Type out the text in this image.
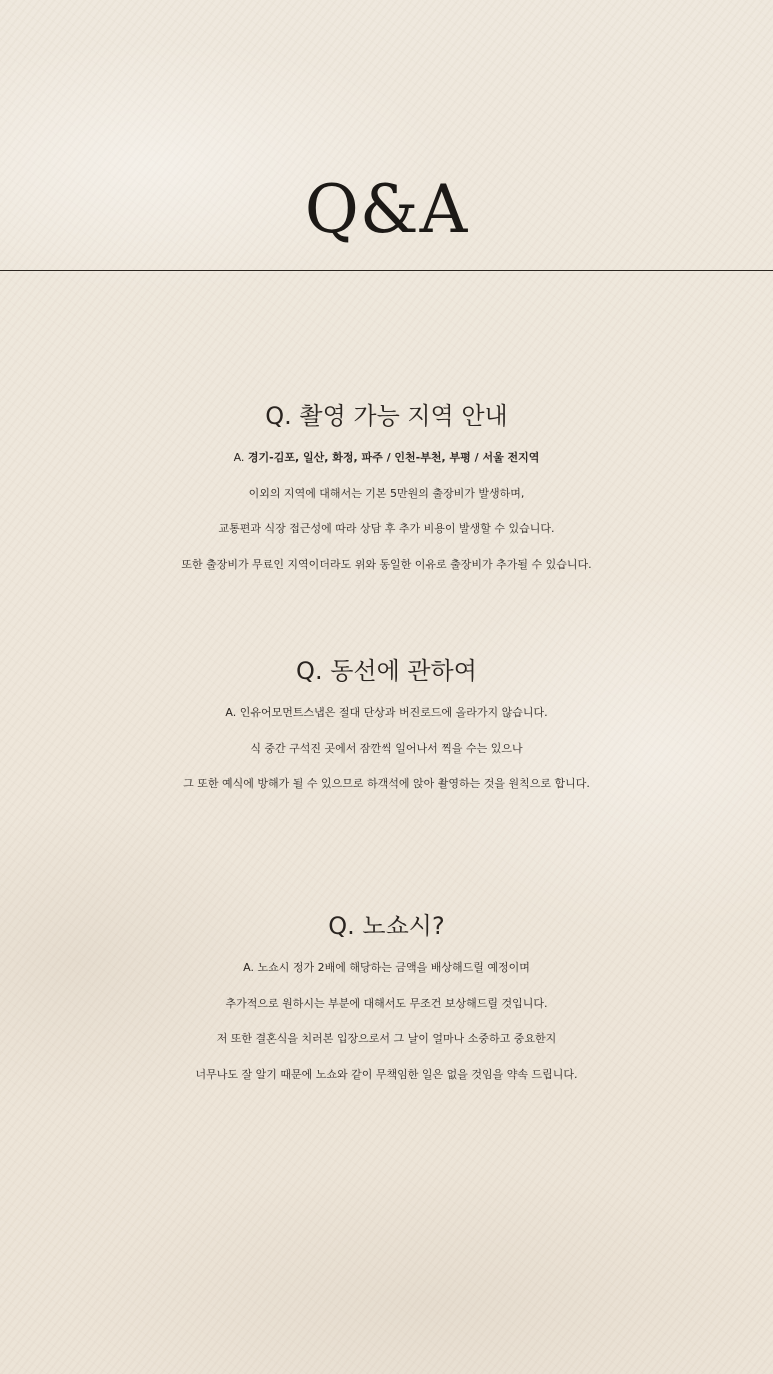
Q&A
Q. 촬영 가능 지역 안내
A. 경기-김포, 일산, 화정, 파주 / 인천-부천, 부평 / 서울 전지역
이외의 지역에 대해서는 기본 5만원의 출장비가 발생하며,
교통편과 식장 접근성에 따라 상담 후 추가 비용이 발생할 수 있습니다.
또한 출장비가 무료인 지역이더라도 위와 동일한 이유로 출장비가 추가될 수 있습니다.
Q. 동선에 관하여
A. 인유어모먼트스냅은 절대 단상과 버진로드에 올라가지 않습니다.
식 중간 구석진 곳에서 잠깐씩 일어나서 찍을 수는 있으나
그 또한 예식에 방해가 될 수 있으므로 하객석에 앉아 촬영하는 것을 원칙으로 합니다.
Q. 노쇼시?
A. 노쇼시 정가 2배에 해당하는 금액을 배상해드릴 예정이며
추가적으로 원하시는 부분에 대해서도 무조건 보상해드릴 것입니다.
저 또한 결혼식을 치러본 입장으로서 그 날이 얼마나 소중하고 중요한지
너무나도 잘 알기 때문에 노쇼와 같이 무책임한 일은 없을 것임을 약속 드립니다.
